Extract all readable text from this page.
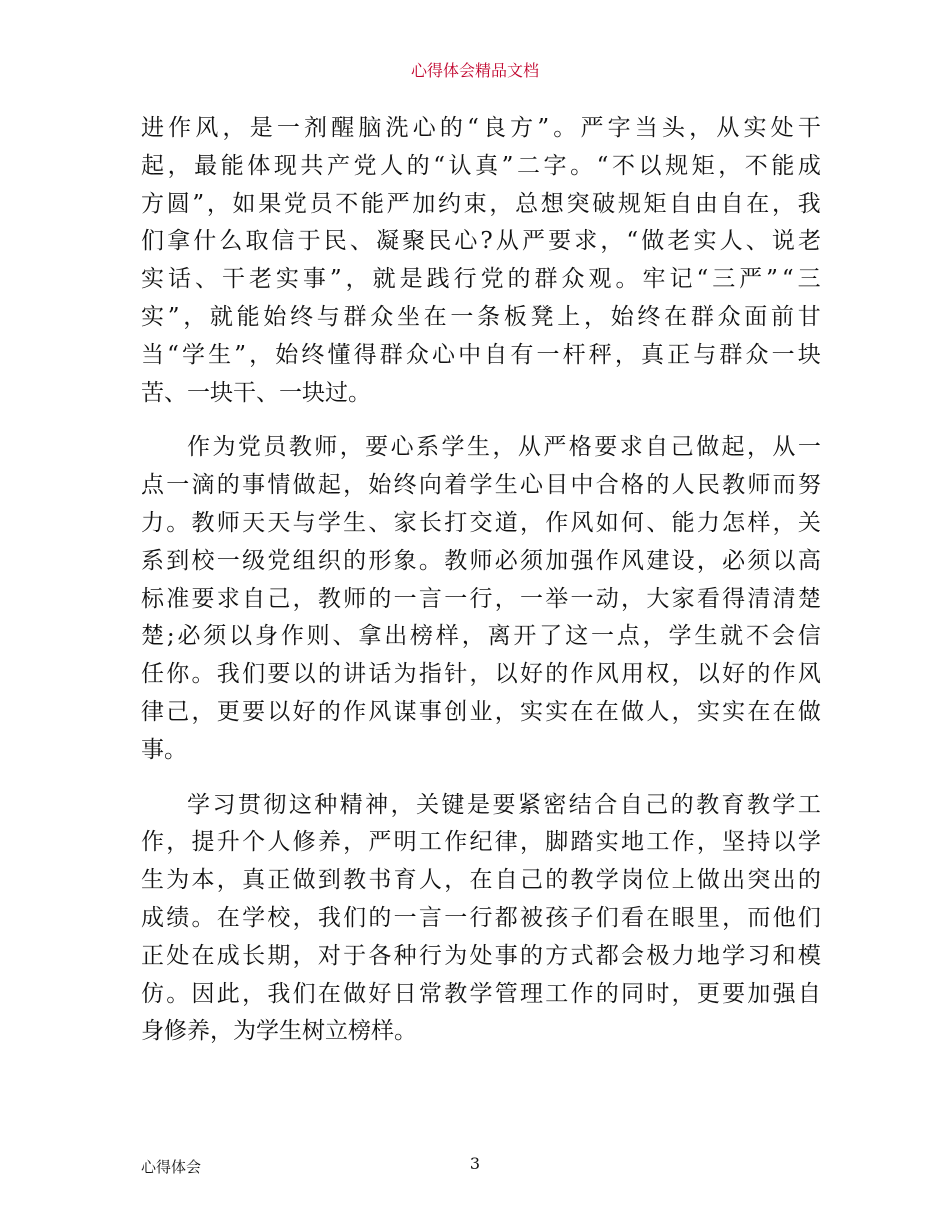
心得体会精品文档
进 作 风 ， 是 一 剂 醒 脑 洗 心 的 “ 良 方 ” 。 严 字 当 头 ， 从 实 处 干
起 ， 最 能 体 现 共 产 党 人 的 “ 认 真 ” 二 字 。 “ 不 以 规 矩 ， 不 能 成
方 圆 ” ， 如 果 党 员 不 能 严 加 约 束 ， 总 想 突 破 规 矩 自 由 自 在 ， 我
们 拿 什 么 取 信 于 民 、 凝 聚 民 心 ? 从 严 要 求 ， “ 做 老 实 人 、 说 老
实 话 、 干 老 实 事 ” ， 就 是 践 行 党 的 群 众 观 。 牢 记 “ 三 严 ” “ 三
实 ” ， 就 能 始 终 与 群 众 坐 在 一 条 板 凳 上 ， 始 终 在 群 众 面 前 甘
当 “ 学 生 ” ， 始 终 懂 得 群 众 心 中 自 有 一 杆 秤 ， 真 正 与 群 众 一 块
苦、一块干、一块过。
作 为 党 员 教 师 ， 要 心 系 学 生 ， 从 严 格 要 求 自 己 做 起 ， 从 一
点 一 滴 的 事 情 做 起 ， 始 终 向 着 学 生 心 目 中 合 格 的 人 民 教 师 而 努
力 。 教 师 天 天 与 学 生 、 家 长 打 交 道 ， 作 风 如 何 、 能 力 怎 样 ， 关
系 到 校 一 级 党 组 织 的 形 象 。 教 师 必 须 加 强 作 风 建 设 ， 必 须 以 高
标 准 要 求 自 己 ， 教 师 的 一 言 一 行 ， 一 举 一 动 ， 大 家 看 得 清 清 楚
楚 ; 必 须 以 身 作 则 、 拿 出 榜 样 ， 离 开 了 这 一 点 ， 学 生 就 不 会 信
任 你 。 我 们 要 以 的 讲 话 为 指 针 ， 以 好 的 作 风 用 权 ， 以 好 的 作 风
律 己 ， 更 要 以 好 的 作 风 谋 事 创 业 ， 实 实 在 在 做 人 ， 实 实 在 在 做
事。
学 习 贯 彻 这 种 精 神 ， 关 键 是 要 紧 密 结 合 自 己 的 教 育 教 学 工
作 ， 提 升 个 人 修 养 ， 严 明 工 作 纪 律 ， 脚 踏 实 地 工 作 ， 坚 持 以 学
生 为 本 ， 真 正 做 到 教 书 育 人 ， 在 自 己 的 教 学 岗 位 上 做 出 突 出 的
成 绩 。 在 学 校 ， 我 们 的 一 言 一 行 都 被 孩 子 们 看 在 眼 里 ， 而 他 们
正 处 在 成 长 期 ， 对 于 各 种 行 为 处 事 的 方 式 都 会 极 力 地 学 习 和 模
仿 。 因 此 ， 我 们 在 做 好 日 常 教 学 管 理 工 作 的 同 时 ， 更 要 加 强 自
身修养，为学生树立榜样。
心得体会	3
